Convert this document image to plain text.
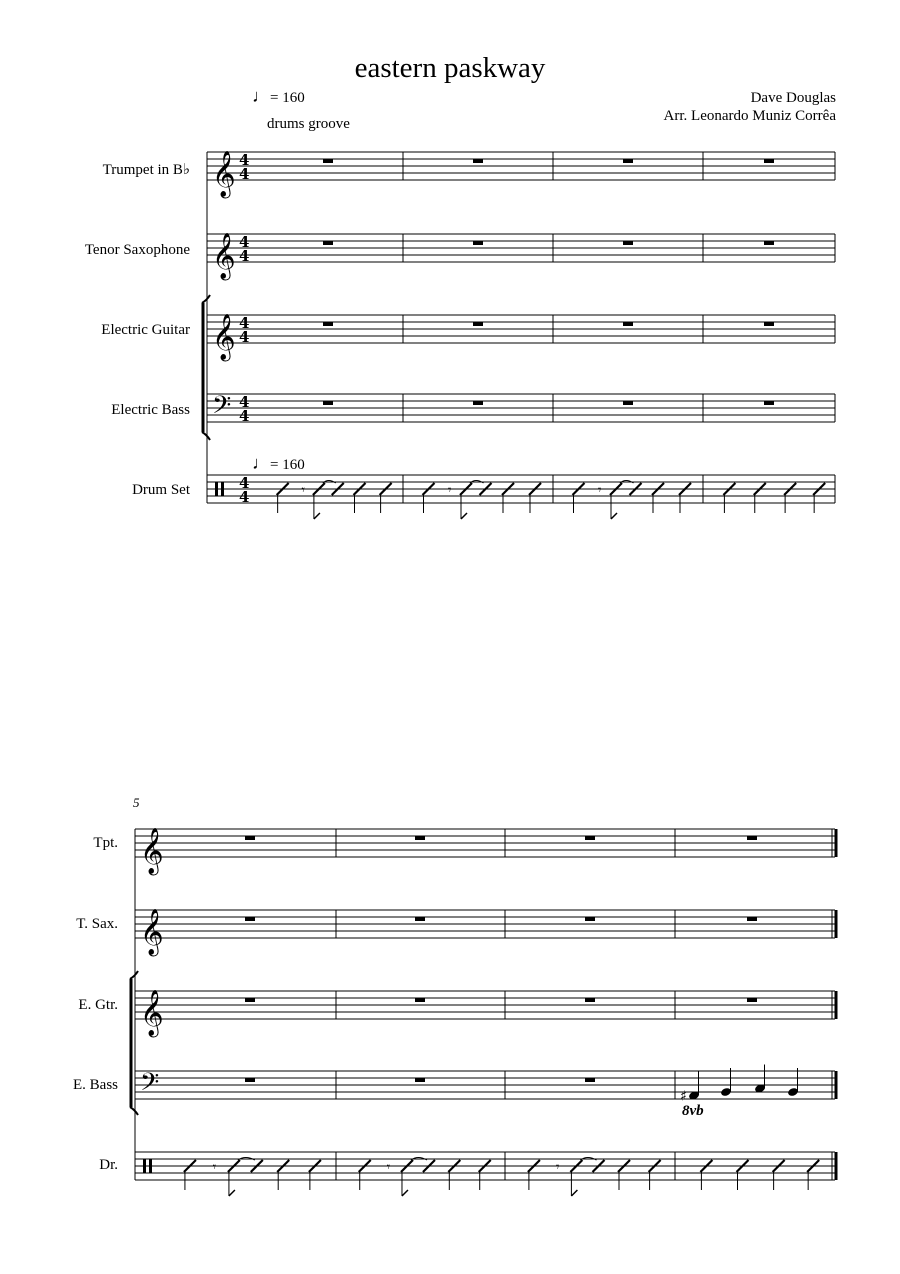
eastern paskway
Dave Douglas
Arr. Leonardo Muniz Corrêa
♩= 160
drums groove
♩= 160
Trumpet in B♭
Tenor Saxophone
Electric Guitar
Electric Bass
Drum Set
5
Tpt.
T. Sax.
E. Gtr.
E. Bass
Dr.
8vb
𝄞 4
4
𝄞 4
4
𝄞 4
4
𝄢 4
4
4
4	𝄾	𝄾	𝄾
𝄞
𝄞
𝄞
𝄢	♯
𝄾	𝄾	𝄾
